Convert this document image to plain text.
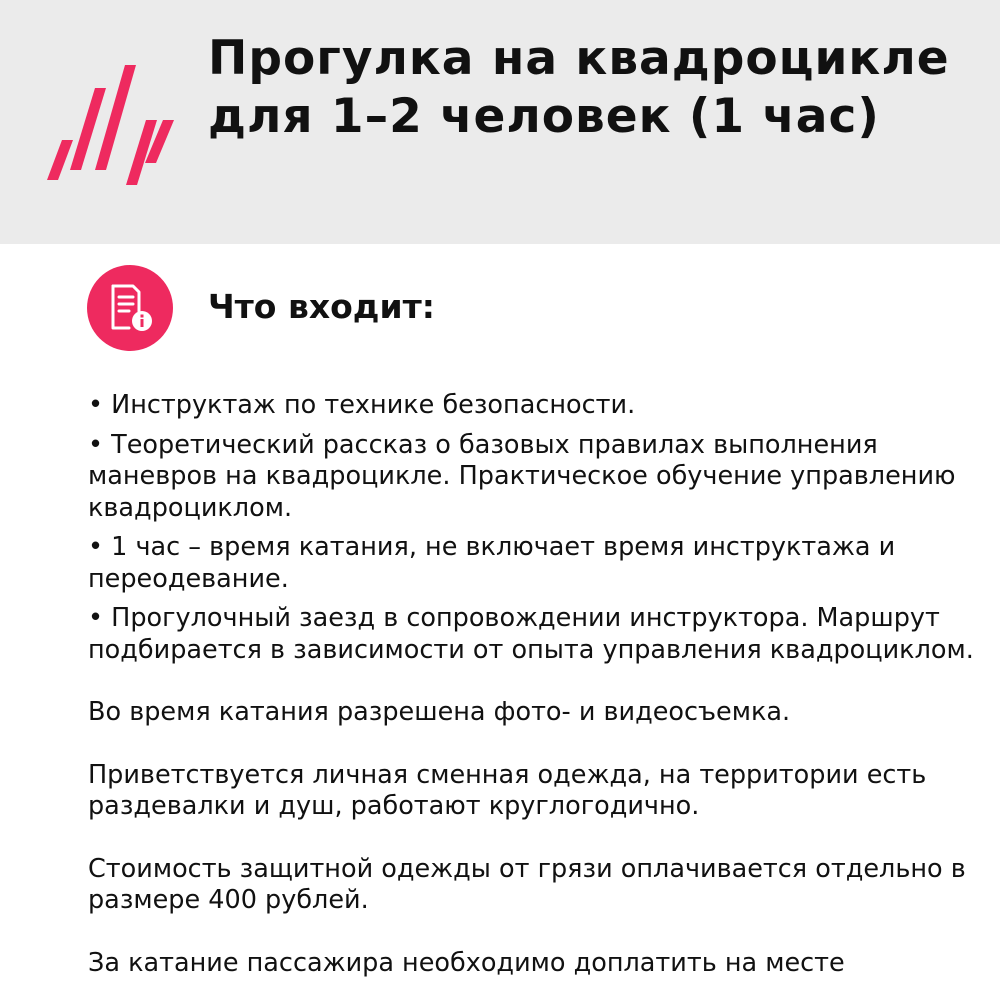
Прогулка на квадроцикле для 1–2 человек (1 час)
Что входит:

• Инструктаж по технике безопасности.

• Теоретический рассказ о базовых правилах выполнения маневров на квадроцикле. Практическое обучение управлению квадроциклом.

• 1 час – время катания, не включает время инструктажа и переодевание.

• Прогулочный заезд в сопровождении инструктора. Маршрут подбирается в зависимости от опыта управления квадроциклом.

Во время катания разрешена фото- и видеосъемка.

Приветствуется личная сменная одежда, на территории есть раздевалки и душ, работают круглогодично.

Стоимость защитной одежды от грязи оплачивается отдельно в размере 400 рублей.

За катание пассажира необходимо доплатить на месте
